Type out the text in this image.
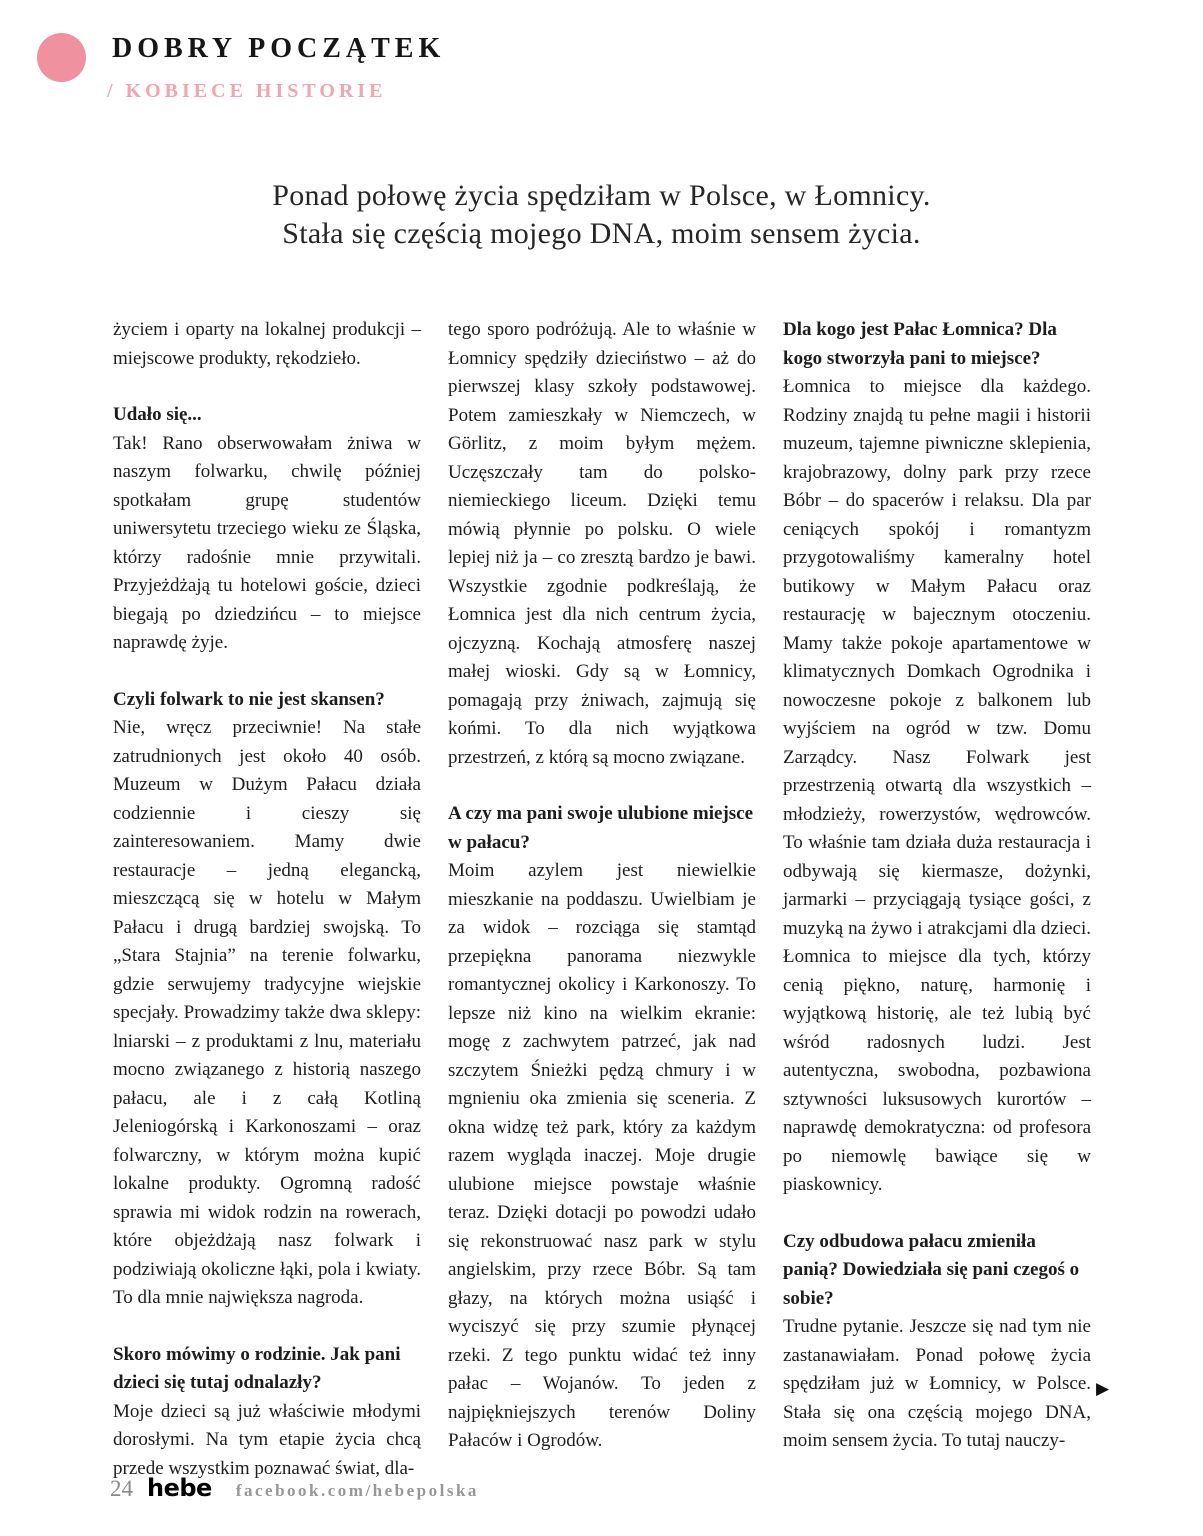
DOBRY POCZĄTEK
/ KOBIECE HISTORIE
Ponad połowę życia spędziłam w Polsce, w Łomnicy.
Stała się częścią mojego DNA, moim sensem życia.

życiem i oparty na lokalnej produkcji – miejscowe produkty, rękodzieło.

Udało się...

Tak! Rano obserwowałam żniwa w naszym folwarku, chwilę później spotkałam grupę studentów uniwersytetu trzeciego wieku ze Śląska, którzy radośnie mnie przywitali. Przyjeżdżają tu hotelowi goście, dzieci biegają po dziedzińcu – to miejsce naprawdę żyje.

Czyli folwark to nie jest skansen?

Nie, wręcz przeciwnie! Na stałe zatrudnionych jest około 40 osób. Muzeum w Dużym Pałacu działa codziennie i cieszy się zainteresowaniem. Mamy dwie restauracje – jedną elegancką, mieszczącą się w hotelu w Małym Pałacu i drugą bardziej swojską. To „Stara Stajnia” na terenie folwarku, gdzie serwujemy tradycyjne wiejskie specjały. Prowadzimy także dwa sklepy: lniarski – z produktami z lnu, materiału mocno związanego z historią naszego pałacu, ale i z całą Kotliną Jeleniogórską i Karkonoszami – oraz folwarczny, w którym można kupić lokalne produkty. Ogromną radość sprawia mi widok rodzin na rowerach, które objeżdżają nasz folwark i podziwiają okoliczne łąki, pola i kwiaty. To dla mnie największa nagroda.

Skoro mówimy o rodzinie. Jak pani dzieci się tutaj odnalazły?

Moje dzieci są już właściwie młodymi dorosłymi. Na tym etapie życia chcą przede wszystkim poznawać świat, dla-

tego sporo podróżują. Ale to właśnie w Łomnicy spędziły dzieciństwo – aż do pierwszej klasy szkoły podstawowej. Potem zamieszkały w Niemczech, w Görlitz, z moim byłym mężem. Uczęszczały tam do polsko-niemieckiego liceum. Dzięki temu mówią płynnie po polsku. O wiele lepiej niż ja – co zresztą bardzo je bawi. Wszystkie zgodnie podkreślają, że Łomnica jest dla nich centrum życia, ojczyzną. Kochają atmosferę naszej małej wioski. Gdy są w Łomnicy, pomagają przy żniwach, zajmują się końmi. To dla nich wyjątkowa przestrzeń, z którą są mocno związane.

A czy ma pani swoje ulubione miejsce w pałacu?

Moim azylem jest niewielkie mieszkanie na poddaszu. Uwielbiam je za widok – rozciąga się stamtąd przepiękna panorama niezwykle romantycznej okolicy i Karkonoszy. To lepsze niż kino na wielkim ekranie: mogę z zachwytem patrzeć, jak nad szczytem Śnieżki pędzą chmury i w mgnieniu oka zmienia się sceneria. Z okna widzę też park, który za każdym razem wygląda inaczej. Moje drugie ulubione miejsce powstaje właśnie teraz. Dzięki dotacji po powodzi udało się rekonstruować nasz park w stylu angielskim, przy rzece Bóbr. Są tam głazy, na których można usiąść i wyciszyć się przy szumie płynącej rzeki. Z tego punktu widać też inny pałac – Wojanów. To jeden z najpiękniejszych terenów Doliny Pałaców i Ogrodów.

Dla kogo jest Pałac Łomnica? Dla kogo stworzyła pani to miejsce?

Łomnica to miejsce dla każdego. Rodziny znajdą tu pełne magii i historii muzeum, tajemne piwniczne sklepienia, krajobrazowy, dolny park przy rzece Bóbr – do spacerów i relaksu. Dla par ceniących spokój i romantyzm przygotowaliśmy kameralny hotel butikowy w Małym Pałacu oraz restaurację w bajecznym otoczeniu. Mamy także pokoje apartamentowe w klimatycznych Domkach Ogrodnika i nowoczesne pokoje z balkonem lub wyjściem na ogród w tzw. Domu Zarządcy. Nasz Folwark jest przestrzenią otwartą dla wszystkich – młodzieży, rowerzystów, wędrowców. To właśnie tam działa duża restauracja i odbywają się kiermasze, dożynki, jarmarki – przyciągają tysiące gości, z muzyką na żywo i atrakcjami dla dzieci. Łomnica to miejsce dla tych, którzy cenią piękno, naturę, harmonię i wyjątkową historię, ale też lubią być wśród radosnych ludzi. Jest autentyczna, swobodna, pozbawiona sztywności luksusowych kurortów – naprawdę demokratyczna: od profesora po niemowlę bawiące się w piaskownicy.

Czy odbudowa pałacu zmieniła panią? Dowiedziała się pani czegoś o sobie?

Trudne pytanie. Jeszcze się nad tym nie zastanawiałam. Ponad połowę życia spędziłam już w Łomnicy, w Polsce. Stała się ona częścią mojego DNA, moim sensem życia. To tutaj nauczy-

▶
24 hebe facebook.com/hebepolska
